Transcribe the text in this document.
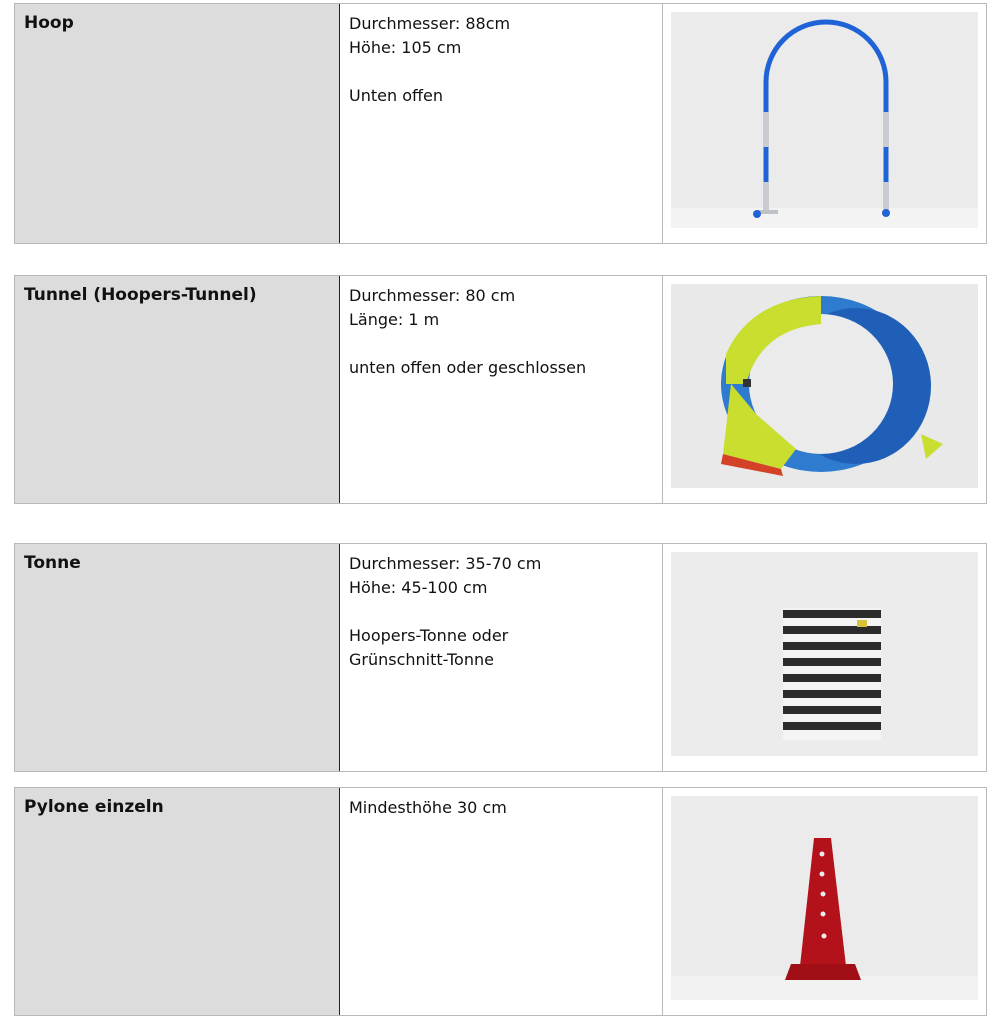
Hoop	Durchmesser: 88cm
Höhe: 105 cm
Unten offen
Tunnel (Hoopers-Tunnel)	Durchmesser: 80 cm
Länge: 1 m
unten offen oder geschlossen
Tonne	Durchmesser: 35-70 cm
Höhe: 45-100 cm
Hoopers-Tonne oder
Grünschnitt-Tonne
Pylone einzeln	Mindesthöhe 30 cm
